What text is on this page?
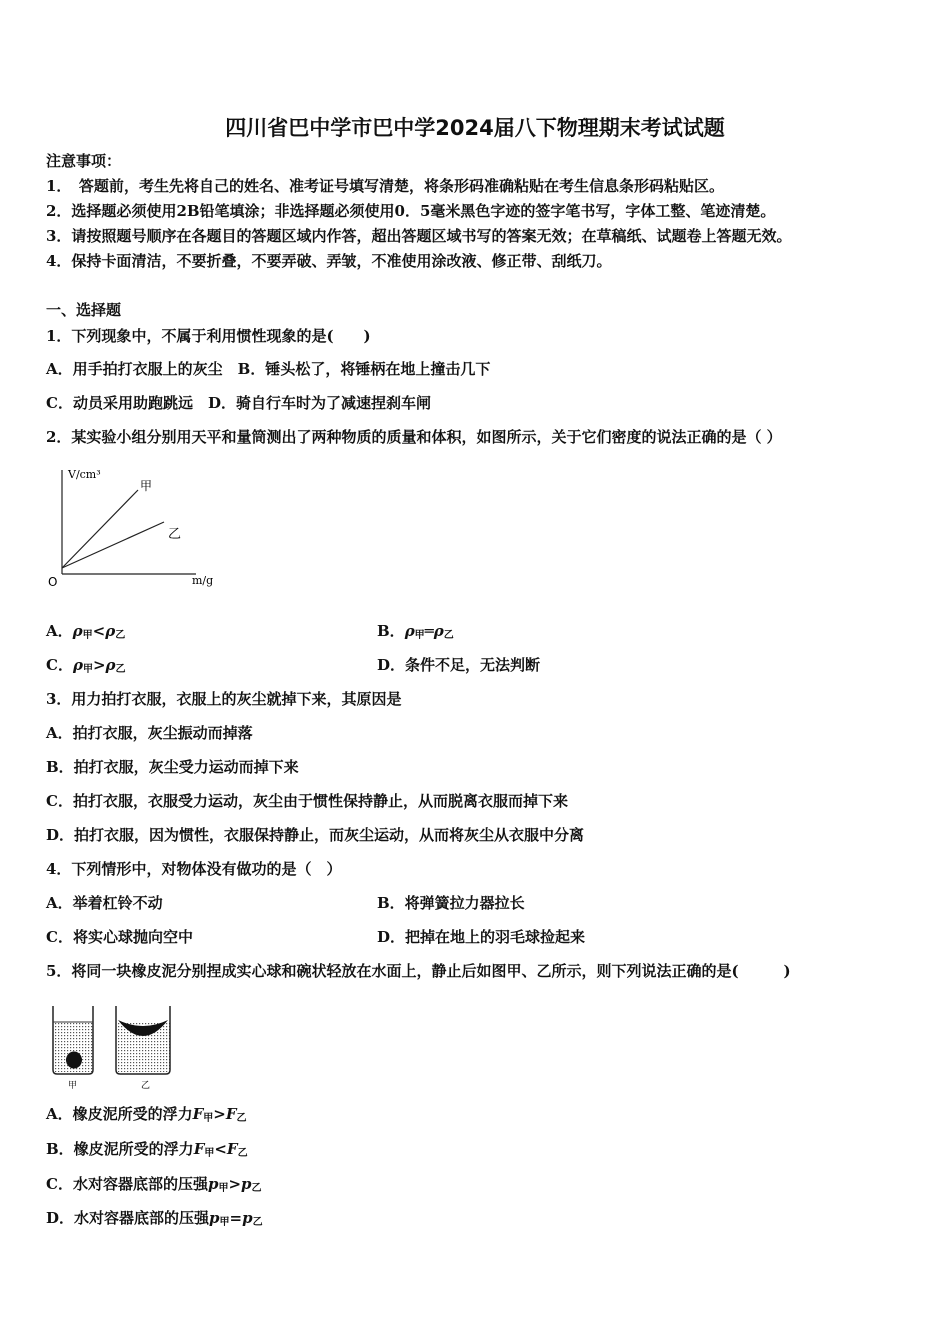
四川省巴中学市巴中学2024届八下物理期末考试试题
注意事项：
1．　答题前，考生先将自己的姓名、准考证号填写清楚，将条形码准确粘贴在考生信息条形码粘贴区。
2．选择题必须使用2B铅笔填涂；非选择题必须使用0．5毫米黑色字迹的签字笔书写，字体工整、笔迹清楚。
3．请按照题号顺序在各题目的答题区域内作答，超出答题区域书写的答案无效；在草稿纸、试题卷上答题无效。
4．保持卡面清洁，不要折叠，不要弄破、弄皱，不准使用涂改液、修正带、刮纸刀。
一、选择题
1．下列现象中，不属于利用惯性现象的是(　　)
A．用手拍打衣服上的灰尘　B．锤头松了，将锤柄在地上撞击几下
C．动员采用助跑跳远　D．骑自行车时为了减速捏刹车闸
2．某实验小组分别用天平和量筒测出了两种物质的质量和体积，如图所示，关于它们密度的说法正确的是（ ）
V/cm³
m/g
O
甲
乙
A．$\rho_甲<\rho_乙$	B．$\rho_甲═\rho_乙$
C．$\rho_甲>\rho_乙$	D．条件不足，无法判断
3．用力拍打衣服，衣服上的灰尘就掉下来，其原因是
A．拍打衣服，灰尘振动而掉落
B．拍打衣服，灰尘受力运动而掉下来
C．拍打衣服，衣服受力运动，灰尘由于惯性保持静止，从而脱离衣服而掉下来
D．拍打衣服，因为惯性，衣服保持静止，而灰尘运动，从而将灰尘从衣服中分离
4．下列情形中，对物体没有做功的是（　）
A．举着杠铃不动	B．将弹簧拉力器拉长
C．将实心球抛向空中	D．把掉在地上的羽毛球捡起来
5．将同一块橡皮泥分别捏成实心球和碗状轻放在水面上，静止后如图甲、乙所示，则下列说法正确的是(　　　)
甲	乙
A．橡皮泥所受的浮力$F_甲>F_乙$
B．橡皮泥所受的浮力$F_甲<F_乙$
C．水对容器底部的压强$p_甲>p_乙$
D．水对容器底部的压强$p_甲=p_乙$
